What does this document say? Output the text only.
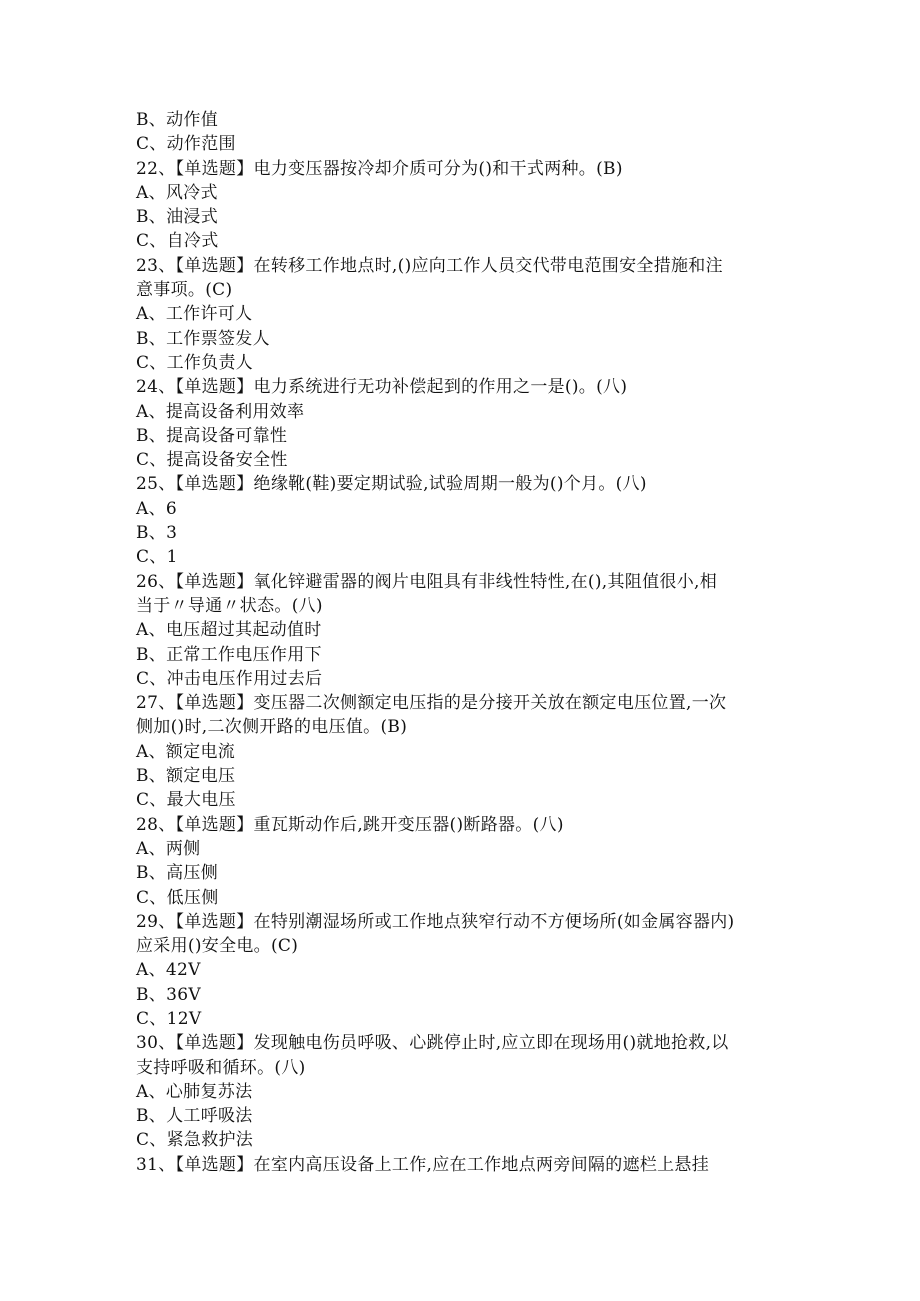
B、动作值
C、动作范围
22、【单选题】电力变压器按冷却介质可分为()和干式两种。(B)
A、风冷式
B、油浸式
C、自冷式
23、【单选题】在转移工作地点时,()应向工作人员交代带电范围安全措施和注
意事项。(C)
A、工作许可人
B、工作票签发人
C、工作负责人
24、【单选题】电力系统进行无功补偿起到的作用之一是()。(八)
A、提高设备利用效率
B、提高设备可靠性
C、提高设备安全性
25、【单选题】绝缘靴(鞋)要定期试验,试验周期一般为()个月。(八)
A、6
B、3
C、1
26、【单选题】氧化锌避雷器的阀片电阻具有非线性特性,在(),其阻值很小,相
当于〃导通〃状态。(八)
A、电压超过其起动值时
B、正常工作电压作用下
C、冲击电压作用过去后
27、【单选题】变压器二次侧额定电压指的是分接开关放在额定电压位置,一次
侧加()时,二次侧开路的电压值。(B)
A、额定电流
B、额定电压
C、最大电压
28、【单选题】重瓦斯动作后,跳开变压器()断路器。(八)
A、两侧
B、高压侧
C、低压侧
29、【单选题】在特别潮湿场所或工作地点狭窄行动不方便场所(如金属容器内)
应采用()安全电。(C)
A、42V
B、36V
C、12V
30、【单选题】发现触电伤员呼吸、心跳停止时,应立即在现场用()就地抢救,以
支持呼吸和循环。(八)
A、心肺复苏法
B、人工呼吸法
C、紧急救护法
31、【单选题】在室内高压设备上工作,应在工作地点两旁间隔的遮栏上悬挂
